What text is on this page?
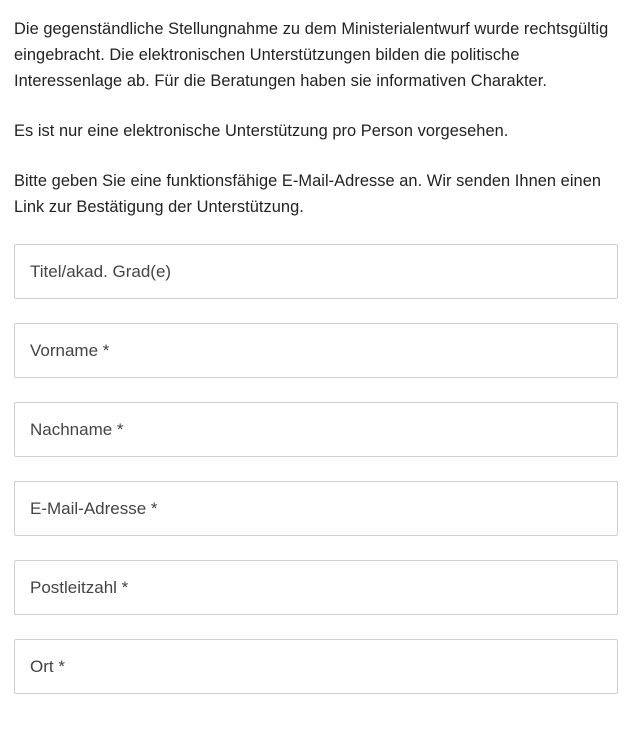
Die gegenständliche Stellungnahme zu dem Ministerialentwurf wurde rechtsgültig eingebracht. Die elektronischen Unterstützungen bilden die politische Interessenlage ab. Für die Beratungen haben sie informativen Charakter.

Es ist nur eine elektronische Unterstützung pro Person vorgesehen.

Bitte geben Sie eine funktionsfähige E-Mail-Adresse an. Wir senden Ihnen einen Link zur Bestätigung der Unterstützung.

Titel/akad. Grad(e)
Vorname *
Nachname *
E-Mail-Adresse *
Postleitzahl *
Ort *
